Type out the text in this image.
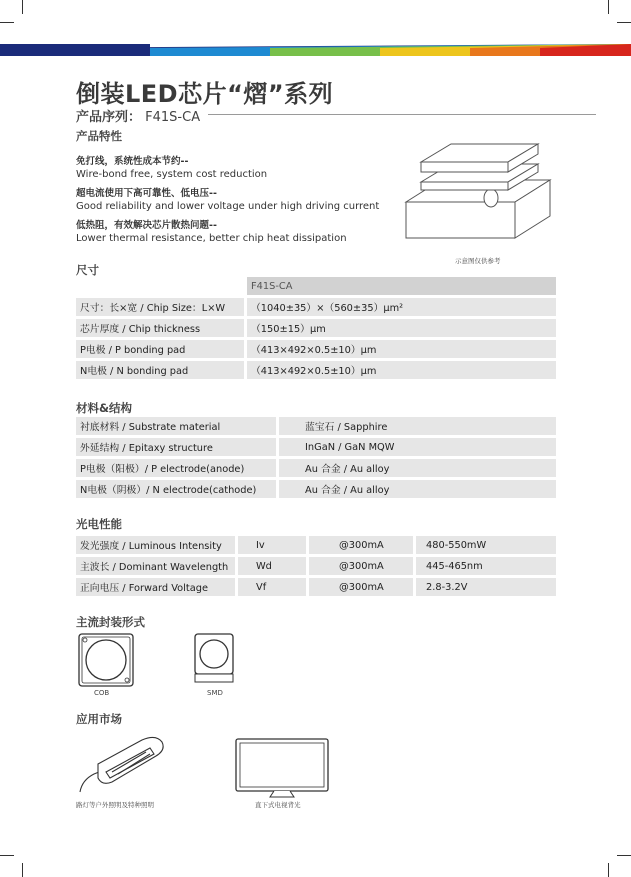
倒装LED芯片“熠”系列
产品序列： F41S-CA
产品特性
免打线，系统性成本节约--
Wire-bond free, system cost reduction
超电流使用下高可靠性、低电压--
Good reliability and lower voltage under high driving current
低热阻，有效解决芯片散热问题--
Lower thermal resistance, better chip heat dissipation
示意图仅供参考
尺寸
	F41S-CA
尺寸：长×宽 / Chip Size：L×W	（1040±35）×（560±35）μm²
芯片厚度 / Chip thickness	（150±15）μm
P电极 / P bonding pad	（413×492×0.5±10）μm
N电极 / N bonding pad	（413×492×0.5±10）μm
材料&结构
衬底材料 / Substrate material	蓝宝石 / Sapphire
外延结构 / Epitaxy structure	InGaN / GaN MQW
P电极（阳极）/ P electrode(anode)	Au 合金 / Au alloy
N电极（阴极）/ N electrode(cathode)	Au 合金 / Au alloy
光电性能
发光强度 / Luminous Intensity	Iv	@300mA	480-550mW
主波长 / Dominant Wavelength	Wd	@300mA	445-465nm
正向电压 / Forward Voltage	Vf	@300mA	2.8-3.2V
主流封装形式
COB	SMD
应用市场
路灯等户外照明及特种照明	直下式电视背光
